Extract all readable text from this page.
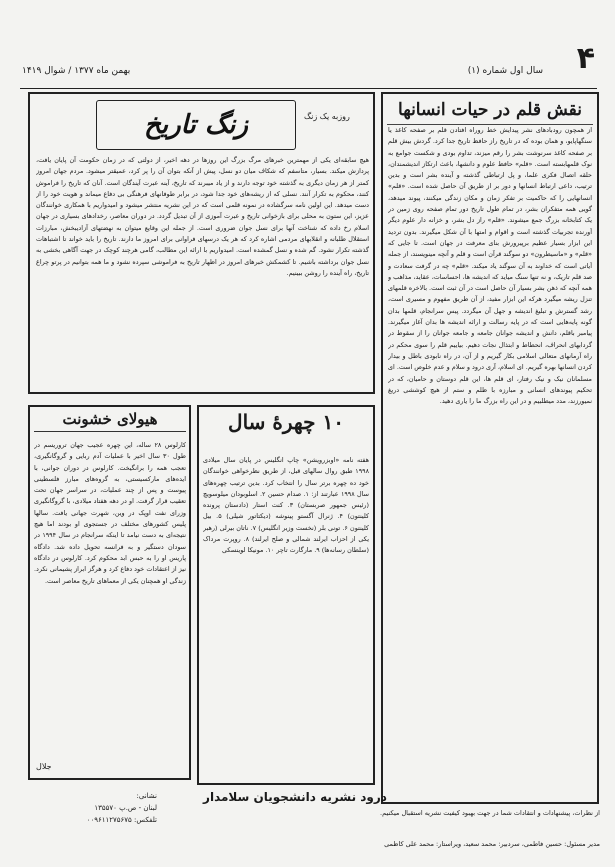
۴
سال اول شماره (۱)
بهمن ماه ۱۳۷۷ / شوال ۱۴۱۹
نقش قلم در حیات انسانها
از همچون رودبادهای نشر پیدایش خط روراه افتادن قلم بر صفحه کاغذ یا سنگهاپایو، و همان بوده که در تاریخ راز حافظ تاریخ جدا کرد. گردش بیش قلم بر صفحه کاغذ سرنوشت بشر را رقم میزند، تداوم بودی و شکست جوامع به نوک قلمهابسته است. «قلم» حافظ علوم و دانشها، باعث ارتکاز اندیشمندان، حلقه اتصال فکری علما، و پل ارتباطی گذشته و آینده بشر است و بدین ترتیب، داعی ارتباط انسانها و دور بر از طریق آن حاصل شده است. «قلم» انسانهایی را که حاکمیت بر تفکر زمان و مکان زندگی میکنند، پیوند میدهد، گویی همه متفکران بشر، در تمام طول تاریخ دور تمام صفحه روی زمین در یک کتابخانه بزرگ جمع میشوند. «قلم» راز دل بشر، و خزانه دار علوم دیگر آورنده تجربیات گذشته است و اقوام و امتها با آن شکل میگیرند. بدون تردید این ابزار بسیار عظیم برپیرورش بنای معرفت در جهان است. تا جایی که «قلم» و «ماسیطرون» دو سوگند قرآن است و قلم و آنچه مینویسند، از جمله آیاتی است که خداوند به آن سوگند یاد میکند. «قلم» چه در گرفت سعادت و صد قلم تاریک، و نه تنها سنگ میاید که اندیشه ها، احساسات، عقاید، مذاهب و همه آنچه که ذهن بشر بسیار آن حاصل است در آن ثبت است. بالاخره قلمهای تنزل ریشه میگیرد هرکه این ابزار مفید، از آن طریق مفهوم و مسیری است، رشد گسترش و تبلیغ اندیشه و جهل آن میگردد. پیس سرانجام، قلمها بدان گونه پایه‌هایی است که در پایه رسالت و ارائه اندیشه ها بدان آغاز میگیرند. پیامبر باقلم، دانش و اندیشه جوانان جامعه و جامعه جوانان را از سقوط در گردابهای انحراف، انحطاط و ابتذال نجات دهیم. بیاییم قلم را سوی محکم در راه آرمانهای متعالی اسلامی بکار گیریم و از آن، در راه نابودی باطل و بیدار کردن انسانها بهره گیریم. ای اسلام، آری درود و سلام و عدم خلوص است. ای مسلمانان نیک و نیک رفتار، ای قلم ها، این قلم دوستان و حامیان، که در تحکیم پیوندهای انسانی و مبارزه با ظلم و ستم از هیچ کوششی دریغ نمیورزند، مدد میطلبیم و در این راه بزرگ ما را یاری دهید.
زنگ تاریخ	روزبه یک زنگ
هیچ سابقه‌ای یکی از مهمترین خبرهای مرگ بزرگ این روزها در دهه اخیر، از دولتی که در زمان حکومت آن پایان یافت، پردازش میکند. بسیار، متاسفم که شکاف میان دو نسل، پیش از آنکه بتوان آن را پر کرد، عمیقتر میشود. مردم جهان امروز کمتر از هر زمان دیگری به گذشته خود توجه دارند و از یاد میبرند که تاریخ، آینه عبرت آیندگان است. آنان که تاریخ را فراموش کنند، محکوم به تکرار آنند. نسلی که از ریشه‌های خود جدا شود، در برابر طوفانهای فرهنگی بی دفاع میماند و هویت خود را از دست میدهد. این اولین نامه سرگشاده در نمونه قلمی است که در این نشریه منتشر میشود و امیدواریم با همکاری خوانندگان عزیز، این ستون به محلی برای بازخوانی تاریخ و عبرت آموزی از آن تبدیل گردد. در دوران معاصر، رخدادهای بسیاری در جهان اسلام رخ داده که شناخت آنها برای نسل جوان ضروری است. از جمله این وقایع میتوان به نهضتهای آزادیبخش، مبارزات استقلال طلبانه و انقلابهای مردمی اشاره کرد که هر یک درسهای فراوانی برای امروز ما دارند. تاریخ را باید خواند تا اشتباهات گذشته تکرار نشود. گم شده و نسل گمشده است. امیدواریم با ارائه این مطالب، گامی هرچند کوچک در جهت آگاهی بخشی به نسل جوان برداشته باشیم. تا کشمکش خبرهای امروز در اظهار تاریخ به فراموشی سپرده نشود و ما همه بتوانیم در پرتو چراغ تاریخ، راه آینده را روشن ببینیم.
۱۰ چهرهٔ سال
هفته نامه «اوبزرویشن» چاپ انگلیس در پایان سال میلادی ۱۹۹۸ طبق روال سالهای قبل، از طریق نظرخواهی خوانندگان خود ده چهره برتر سال را انتخاب کرد. بدین ترتیب چهره‌های سال ۱۹۹۸ عبارتند از: ۱. صدام حسین ۲. اسلوبودان میلوسویچ (رئیس جمهور صربستان) ۳. کنت استار (دادستان پرونده کلینتون) ۴. ژنرال آگستو پینوشه (دیکتاتور شیلی) ۵. بیل کلینتون ۶. تونی بلر (نخست وزیر انگلیس) ۷. ناتان بیرلی (رهبر یکی از احزاب ایرلند شمالی و صلح ایرلند) ۸. روپرت مرداک (سلطان رسانه‌ها) ۹. مارگارت تاچر ۱۰. مونیکا لوینسکی
هیولای خشونت
کارلوس ۲۸ ساله، این چهره عجیب جهان تروریسم در طول ۳۰ سال اخیر با عملیات آدم ربایی و گروگانگیری، تعجب همه را برانگیخت. کارلوس در دوران جوانی، با ایده‌های مارکسیستی، به گروه‌های مبارز فلسطینی پیوست و پس از چند عملیات، در سراسر جهان تحت تعقیب قرار گرفت. او در دهه هفتاد میلادی، با گروگانگیری وزرای نفت اوپک در وین، شهرت جهانی یافت. سالها پلیس کشورهای مختلف در جستجوی او بودند اما هیچ نتیجه‌ای به دست نیامد تا اینکه سرانجام در سال ۱۹۹۴ در سودان دستگیر و به فرانسه تحویل داده شد. دادگاه پاریس او را به حبس ابد محکوم کرد. کارلوس در دادگاه نیز از اعتقادات خود دفاع کرد و هرگز ابراز پشیمانی نکرد. زندگی او همچنان یکی از معماهای تاریخ معاصر است.
جلال
درود نشریه دانشجویان سلامدار
از نظرات، پیشنهادات و انتقادات شما در جهت بهبود کیفیت نشریه استقبال میکنیم.
مدیر مسئول: حسین فاطمی، سردبیر: محمد سعید، ویراستار: محمد علی کاظمی
نشانی:
لبنان - ص.پ ۱۳۵۵۷۰
تلفکس: ۰۰۹۶۱۱۲۷۵۶۷۵
